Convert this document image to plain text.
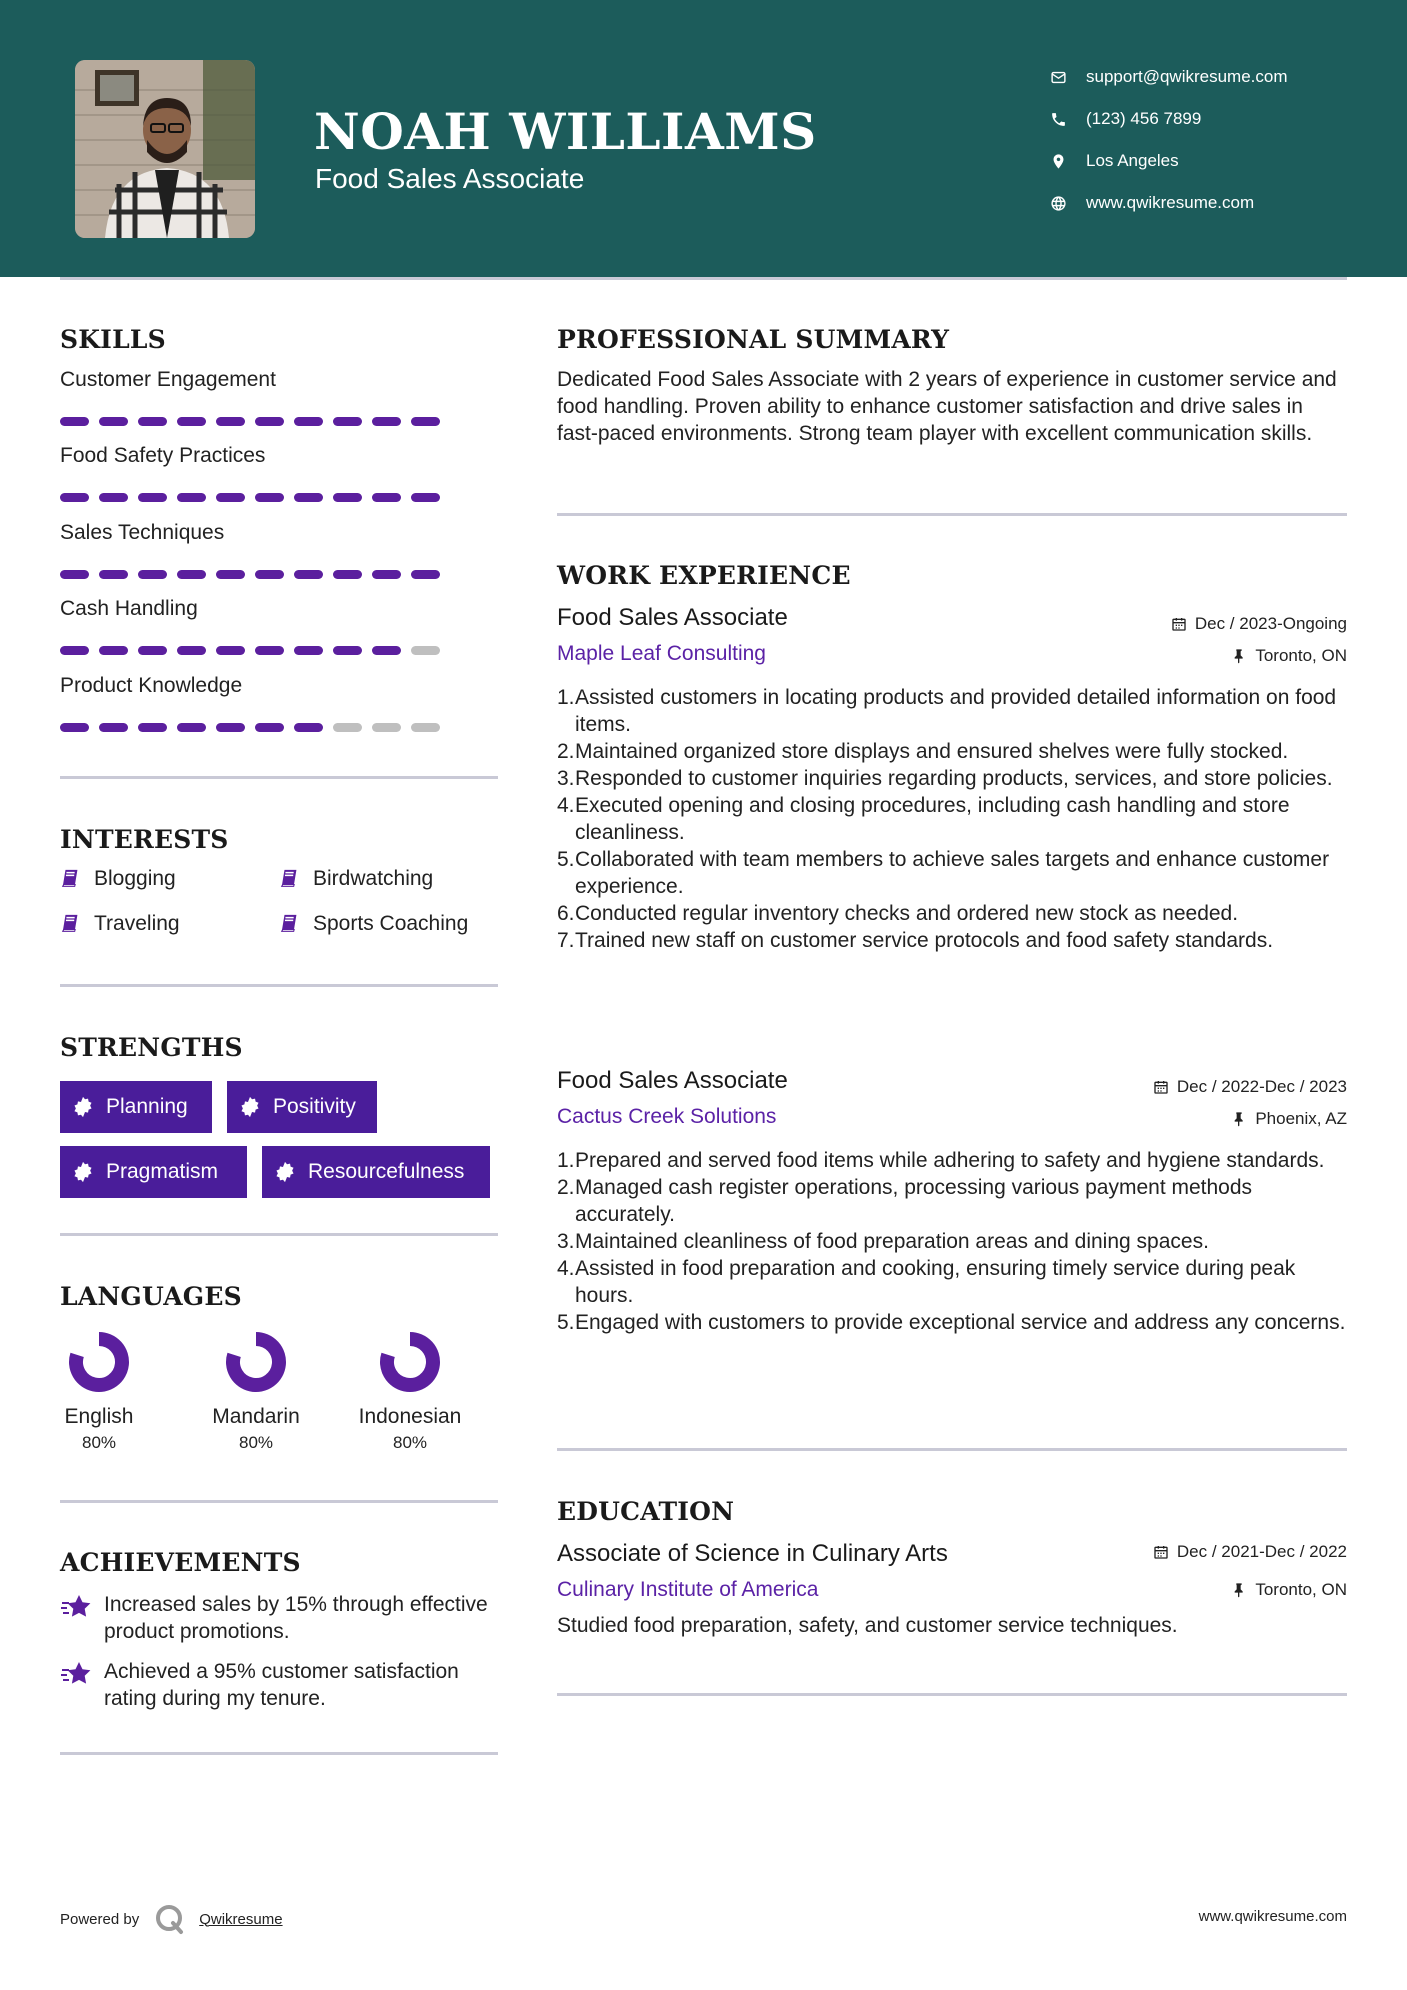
NOAH WILLIAMS
Food Sales Associate
support@qwikresume.com
(123) 456 7899
Los Angeles
www.qwikresume.com
SKILLS
Customer Engagement
Food Safety Practices
Sales Techniques
Cash Handling
Product Knowledge
INTERESTS
Blogging	Birdwatching
Traveling	Sports Coaching
STRENGTHS
Planning	Positivity
Pragmatism	Resourcefulness
LANGUAGES
English
80%
Mandarin
80%
Indonesian
80%
ACHIEVEMENTS
Increased sales by 15% through effective product promotions.
Achieved a 95% customer satisfaction rating during my tenure.
PROFESSIONAL SUMMARY
Dedicated Food Sales Associate with 2 years of experience in customer service and food handling. Proven ability to enhance customer satisfaction and drive sales in fast-paced environments. Strong team player with excellent communication skills.
WORK EXPERIENCE
Food Sales Associate	Dec / 2023-Ongoing
Maple Leaf Consulting	Toronto, ON
1. Assisted customers in locating products and provided detailed information on food items.
2. Maintained organized store displays and ensured shelves were fully stocked.
3. Responded to customer inquiries regarding products, services, and store policies.
4. Executed opening and closing procedures, including cash handling and store cleanliness.
5. Collaborated with team members to achieve sales targets and enhance customer experience.
6. Conducted regular inventory checks and ordered new stock as needed.
7. Trained new staff on customer service protocols and food safety standards.
Food Sales Associate	Dec / 2022-Dec / 2023
Cactus Creek Solutions	Phoenix, AZ
1. Prepared and served food items while adhering to safety and hygiene standards.
2. Managed cash register operations, processing various payment methods accurately.
3. Maintained cleanliness of food preparation areas and dining spaces.
4. Assisted in food preparation and cooking, ensuring timely service during peak hours.
5. Engaged with customers to provide exceptional service and address any concerns.
EDUCATION
Associate of Science in Culinary Arts	Dec / 2021-Dec / 2022
Culinary Institute of America	Toronto, ON
Studied food preparation, safety, and customer service techniques.
Powered by	Qwikresume	www.qwikresume.com
